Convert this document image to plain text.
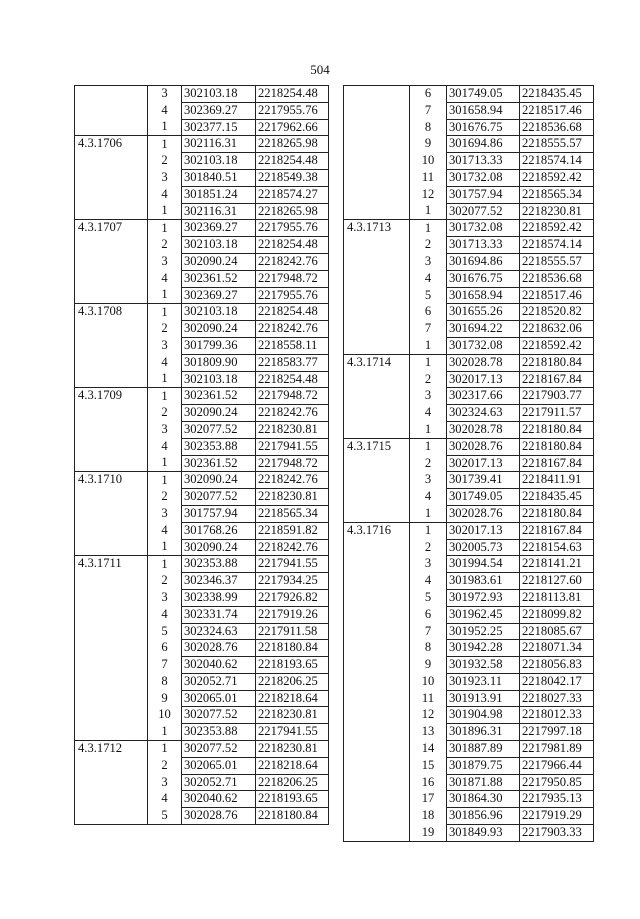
504
	3	302103.18	2218254.48
	4	302369.27	2217955.76
	1	302377.15	2217962.66
4.3.1706	1	302116.31	2218265.98
	2	302103.18	2218254.48
	3	301840.51	2218549.38
	4	301851.24	2218574.27
	1	302116.31	2218265.98
4.3.1707	1	302369.27	2217955.76
	2	302103.18	2218254.48
	3	302090.24	2218242.76
	4	302361.52	2217948.72
	1	302369.27	2217955.76
4.3.1708	1	302103.18	2218254.48
	2	302090.24	2218242.76
	3	301799.36	2218558.11
	4	301809.90	2218583.77
	1	302103.18	2218254.48
4.3.1709	1	302361.52	2217948.72
	2	302090.24	2218242.76
	3	302077.52	2218230.81
	4	302353.88	2217941.55
	1	302361.52	2217948.72
4.3.1710	1	302090.24	2218242.76
	2	302077.52	2218230.81
	3	301757.94	2218565.34
	4	301768.26	2218591.82
	1	302090.24	2218242.76
4.3.1711	1	302353.88	2217941.55
	2	302346.37	2217934.25
	3	302338.99	2217926.82
	4	302331.74	2217919.26
	5	302324.63	2217911.58
	6	302028.76	2218180.84
	7	302040.62	2218193.65
	8	302052.71	2218206.25
	9	302065.01	2218218.64
	10	302077.52	2218230.81
	1	302353.88	2217941.55
4.3.1712	1	302077.52	2218230.81
	2	302065.01	2218218.64
	3	302052.71	2218206.25
	4	302040.62	2218193.65
	5	302028.76	2218180.84
	6	301749.05	2218435.45
	7	301658.94	2218517.46
	8	301676.75	2218536.68
	9	301694.86	2218555.57
	10	301713.33	2218574.14
	11	301732.08	2218592.42
	12	301757.94	2218565.34
	1	302077.52	2218230.81
4.3.1713	1	301732.08	2218592.42
	2	301713.33	2218574.14
	3	301694.86	2218555.57
	4	301676.75	2218536.68
	5	301658.94	2218517.46
	6	301655.26	2218520.82
	7	301694.22	2218632.06
	1	301732.08	2218592.42
4.3.1714	1	302028.78	2218180.84
	2	302017.13	2218167.84
	3	302317.66	2217903.77
	4	302324.63	2217911.57
	1	302028.78	2218180.84
4.3.1715	1	302028.76	2218180.84
	2	302017.13	2218167.84
	3	301739.41	2218411.91
	4	301749.05	2218435.45
	1	302028.76	2218180.84
4.3.1716	1	302017.13	2218167.84
	2	302005.73	2218154.63
	3	301994.54	2218141.21
	4	301983.61	2218127.60
	5	301972.93	2218113.81
	6	301962.45	2218099.82
	7	301952.25	2218085.67
	8	301942.28	2218071.34
	9	301932.58	2218056.83
	10	301923.11	2218042.17
	11	301913.91	2218027.33
	12	301904.98	2218012.33
	13	301896.31	2217997.18
	14	301887.89	2217981.89
	15	301879.75	2217966.44
	16	301871.88	2217950.85
	17	301864.30	2217935.13
	18	301856.96	2217919.29
	19	301849.93	2217903.33
